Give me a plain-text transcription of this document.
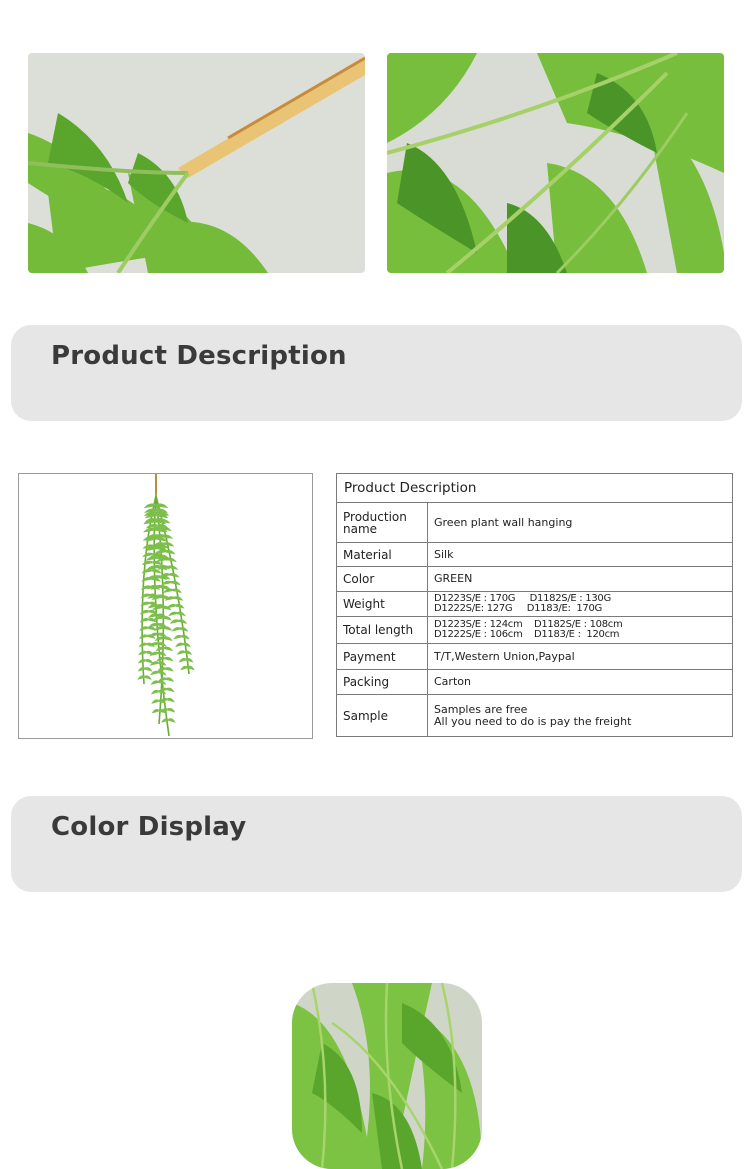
Product Description
Product Description	
Production name	Green plant wall hanging
Material	Silk
Color	GREEN
Weight	D1223S/E : 170G     D1182S/E : 130G
D1222S/E: 127G     D1183/E:  170G

Total length	D1223S/E : 124cm    D1182S/E : 108cm
D1222S/E : 106cm    D1183/E :  120cm

Payment	T/T,Western Union,Paypal
Packing	Carton
Sample	Samples are free
All you need to do is pay the freight
Color Display
